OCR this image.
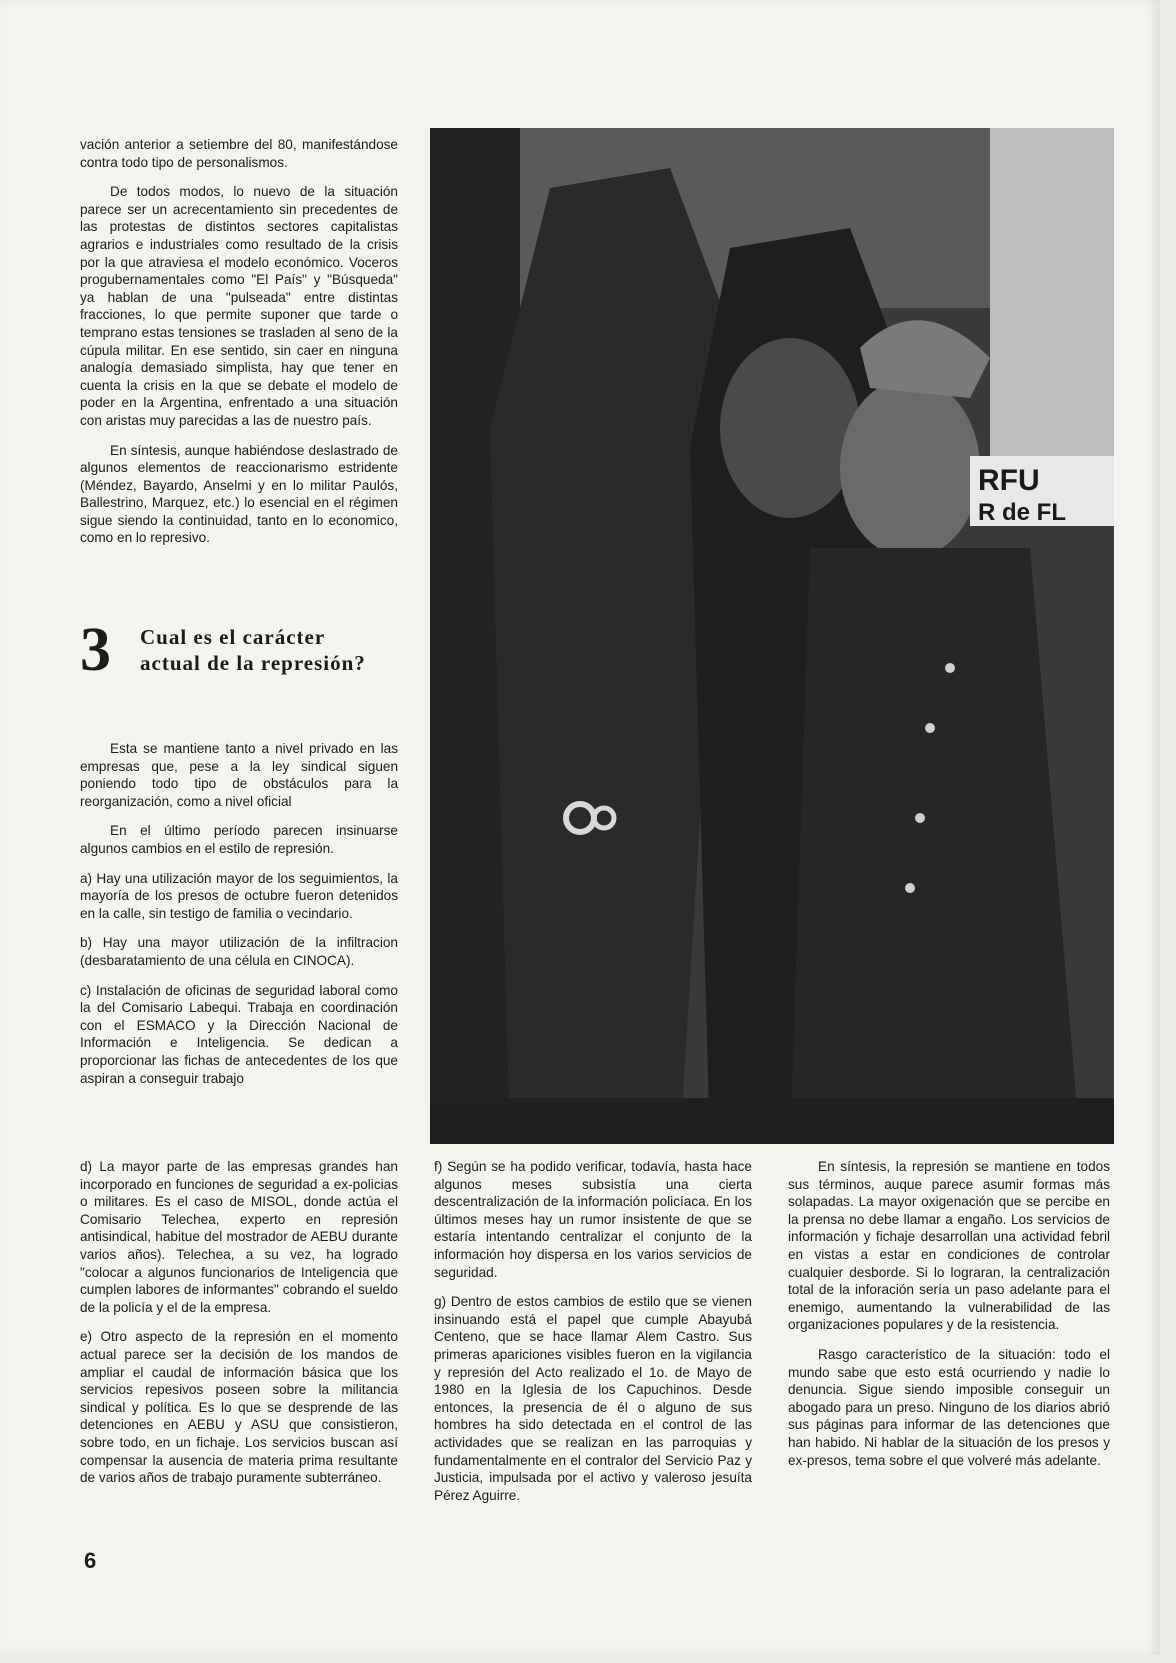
vación anterior a setiembre del 80, manifestándose contra todo tipo de personalismos.

De todos modos, lo nuevo de la situación parece ser un acrecentamiento sin precedentes de las protestas de distintos sectores capitalistas agrarios e industriales como resultado de la crisis por la que atraviesa el modelo económico. Voceros progubernamentales como "El País" y "Búsqueda" ya hablan de una "pulseada" entre distintas fracciones, lo que permite suponer que tarde o temprano estas tensiones se trasladen al seno de la cúpula militar. En ese sentido, sin caer en ninguna analogía demasiado simplista, hay que tener en cuenta la crisis en la que se debate el modelo de poder en la Argentina, enfrentado a una situación con aristas muy parecidas a las de nuestro país.

En síntesis, aunque habiéndose deslastrado de algunos elementos de reaccionarismo estridente (Méndez, Bayardo, Anselmi y en lo militar Paulós, Ballestrino, Marquez, etc.) lo esencial en el régimen sigue siendo la continuidad, tanto en lo economico, como en lo represivo.

3 Cual es el carácter actual de la represión?

Esta se mantiene tanto a nivel privado en las empresas que, pese a la ley sindical siguen poniendo todo tipo de obstáculos para la reorganización, como a nivel oficial

En el último período parecen insinuarse algunos cambios en el estilo de represión.

a) Hay una utilización mayor de los seguimientos, la mayoría de los presos de octubre fueron detenidos en la calle, sin testigo de familia o vecindario.

b) Hay una mayor utilización de la infiltracion (desbaratamiento de una célula en CINOCA).

c) Instalación de oficinas de seguridad laboral como la del Comisario Labequi. Trabaja en coordinación con el ESMACO y la Dirección Nacional de Información e Inteligencia. Se dedican a proporcionar las fichas de antecedentes de los que aspiran a conseguir trabajo

d) La mayor parte de las empresas grandes han incorporado en funciones de seguridad a ex-policias o militares. Es el caso de MISOL, donde actúa el Comisario Telechea, experto en represión antisindical, habitue del mostrador de AEBU durante varios años). Telechea, a su vez, ha logrado "colocar a algunos funcionarios de Inteligencia que cumplen labores de informantes" cobrando el sueldo de la policía y el de la empresa.

e) Otro aspecto de la represión en el momento actual parece ser la decisión de los mandos de ampliar el caudal de información básica que los servicios repesivos poseen sobre la militancia sindical y política. Es lo que se desprende de las detenciones en AEBU y ASU que consistieron, sobre todo, en un fichaje. Los servicios buscan así compensar la ausencia de materia prima resultante de varios años de trabajo puramente subterráneo.

RFU
R de FL

f) Según se ha podido verificar, todavía, hasta hace algunos meses subsistía una cierta descentralización de la información policíaca. En los últimos meses hay un rumor insistente de que se estaría intentando centralizar el conjunto de la información hoy dispersa en los varios servicios de seguridad.

g) Dentro de estos cambios de estilo que se vienen insinuando está el papel que cumple Abayubá Centeno, que se hace llamar Alem Castro. Sus primeras apariciones visibles fueron en la vigilancia y represión del Acto realizado el 1o. de Mayo de 1980 en la Iglesia de los Capuchinos. Desde entonces, la presencia de él o alguno de sus hombres ha sido detectada en el control de las actividades que se realizan en las parroquias y fundamentalmente en el contralor del Servicio Paz y Justicia, impulsada por el activo y valeroso jesuíta Pérez Aguirre.

En síntesis, la represión se mantiene en todos sus términos, auque parece asumir formas más solapadas. La mayor oxigenación que se percibe en la prensa no debe llamar a engaño. Los servicios de información y fichaje desarrollan una actividad febril en vistas a estar en condiciones de controlar cualquier desborde. Si lo lograran, la centralización total de la inforación sería un paso adelante para el enemigo, aumentando la vulnerabilidad de las organizaciones populares y de la resistencia.

Rasgo característico de la situación: todo el mundo sabe que esto está ocurriendo y nadie lo denuncia. Sigue siendo imposible conseguir un abogado para un preso. Ninguno de los diarios abrió sus páginas para informar de las detenciones que han habido. Ni hablar de la situación de los presos y ex-presos, tema sobre el que volveré más adelante.

6
